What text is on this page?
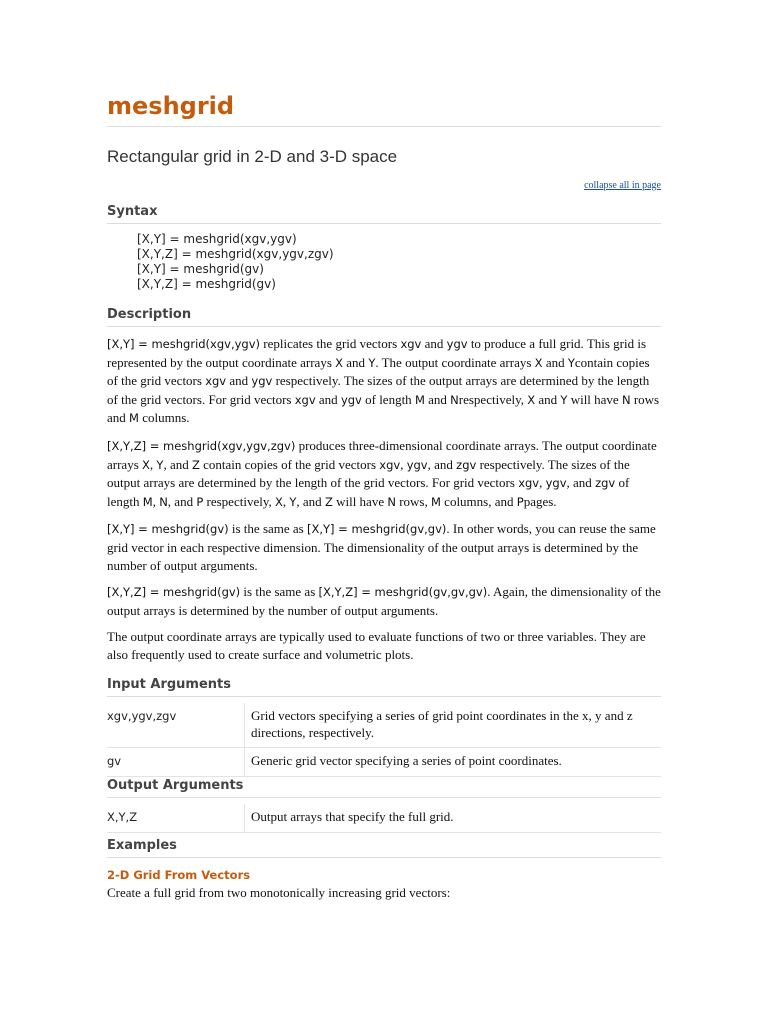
meshgrid
Rectangular grid in 2-D and 3-D space
collapse all in page
Syntax
[X,Y] = meshgrid(xgv,ygv)
[X,Y,Z] = meshgrid(xgv,ygv,zgv)
[X,Y] = meshgrid(gv)
[X,Y,Z] = meshgrid(gv)
Description

[X,Y] = meshgrid(xgv,ygv) replicates the grid vectors xgv and ygv to produce a full grid. This grid is represented by the output coordinate arrays X and Y. The output coordinate arrays X and Ycontain copies of the grid vectors xgv and ygv respectively. The sizes of the output arrays are determined by the length of the grid vectors. For grid vectors xgv and ygv of length M and Nrespectively, X and Y will have N rows and M columns.

[X,Y,Z] = meshgrid(xgv,ygv,zgv) produces three-dimensional coordinate arrays. The output coordinate arrays X, Y, and Z contain copies of the grid vectors xgv, ygv, and zgv respectively. The sizes of the output arrays are determined by the length of the grid vectors. For grid vectors xgv, ygv, and zgv of length M, N, and P respectively, X, Y, and Z will have N rows, M columns, and Ppages.

[X,Y] = meshgrid(gv) is the same as [X,Y] = meshgrid(gv,gv). In other words, you can reuse the same grid vector in each respective dimension. The dimensionality of the output arrays is determined by the number of output arguments.

[X,Y,Z] = meshgrid(gv) is the same as [X,Y,Z] = meshgrid(gv,gv,gv). Again, the dimensionality of the output arrays is determined by the number of output arguments.

The output coordinate arrays are typically used to evaluate functions of two or three variables. They are also frequently used to create surface and volumetric plots.

Input Arguments
xgv,ygv,zgv	Grid vectors specifying a series of grid point coordinates in the x, y and z directions, respectively.
gv	Generic grid vector specifying a series of point coordinates.
Output Arguments
X,Y,Z	Output arrays that specify the full grid.
Examples
2-D Grid From Vectors

Create a full grid from two monotonically increasing grid vectors:
